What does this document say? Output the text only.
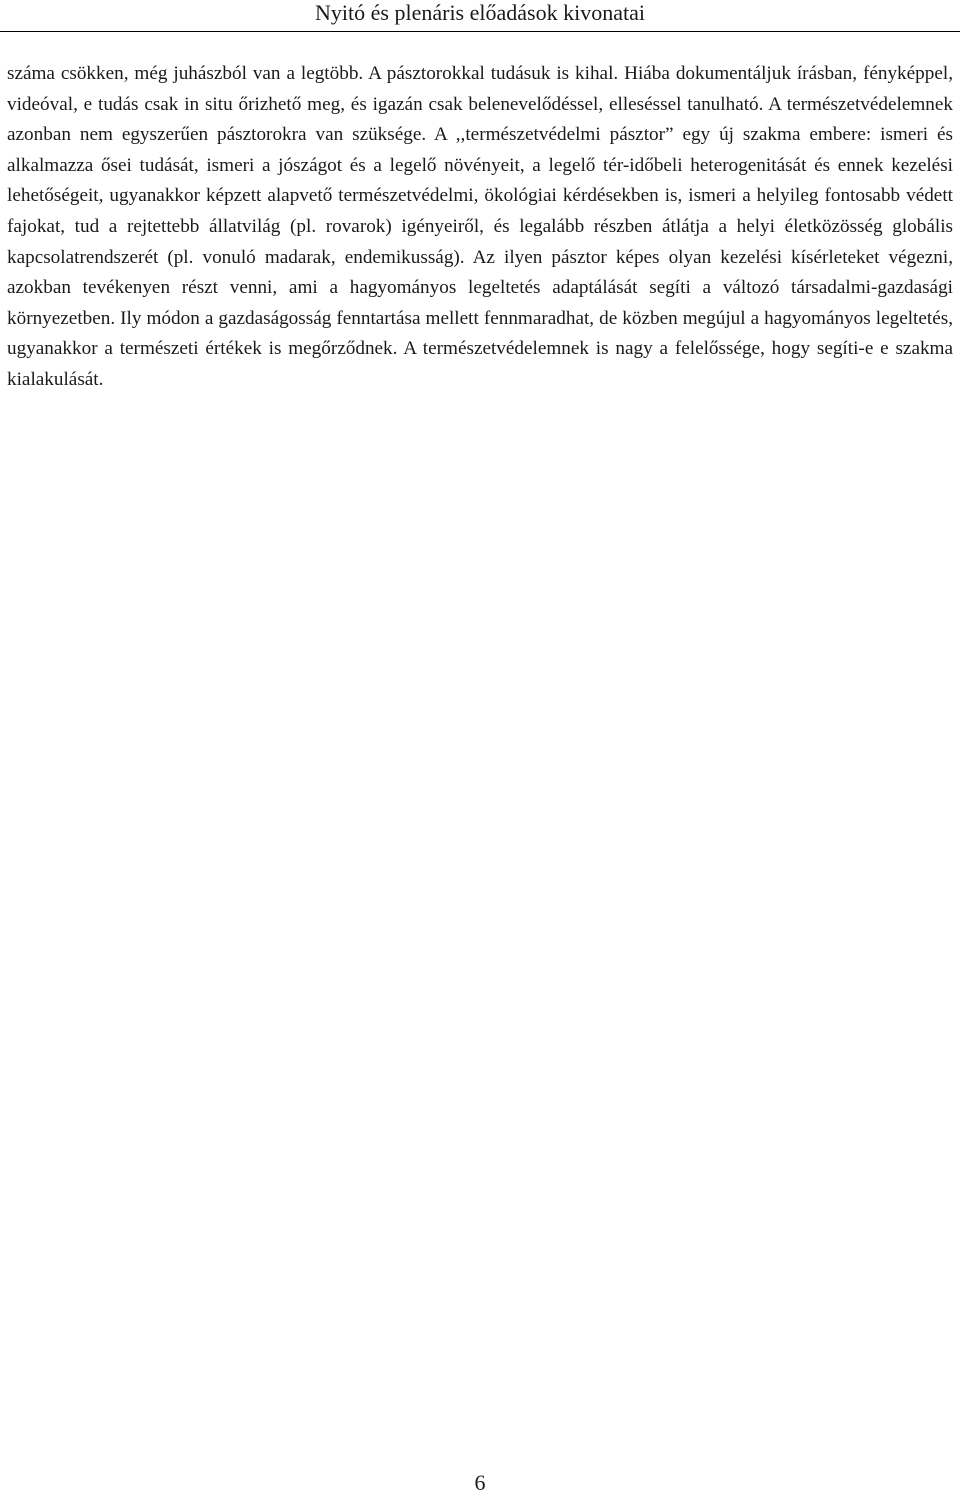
Nyitó és plenáris előadások kivonatai

száma csökken, még juhászból van a legtöbb. A pásztorokkal tudásuk is kihal. Hiába dokumentáljuk írásban, fényképpel, videóval, e tudás csak in situ őrizhető meg, és igazán csak belenevelődéssel, elleséssel tanulható. A természetvédelemnek azonban nem egyszerűen pásztorokra van szüksége. A ,,természetvédelmi pásztor” egy új szakma embere: ismeri és alkalmazza ősei tudását, ismeri a jószágot és a legelő növényeit, a legelő tér-időbeli heterogenitását és ennek kezelési lehetőségeit, ugyanakkor képzett alapvető természetvédelmi, ökológiai kérdésekben is, ismeri a helyileg fontosabb védett fajokat, tud a rejtettebb állatvilág (pl. rovarok) igényeiről, és legalább részben átlátja a helyi életközösség globális kapcsolatrendszerét (pl. vonuló madarak, endemikusság). Az ilyen pásztor képes olyan kezelési kísérleteket végezni, azokban tevékenyen részt venni, ami a hagyományos legeltetés adaptálását segíti a változó társadalmi-gazdasági környezetben. Ily módon a gazdaságosság fenntartása mellett fennmaradhat, de közben megújul a hagyományos legeltetés, ugyanakkor a természeti értékek is megőrződnek. A természetvédelemnek is nagy a felelőssége, hogy segíti-e e szakma kialakulását.

6
